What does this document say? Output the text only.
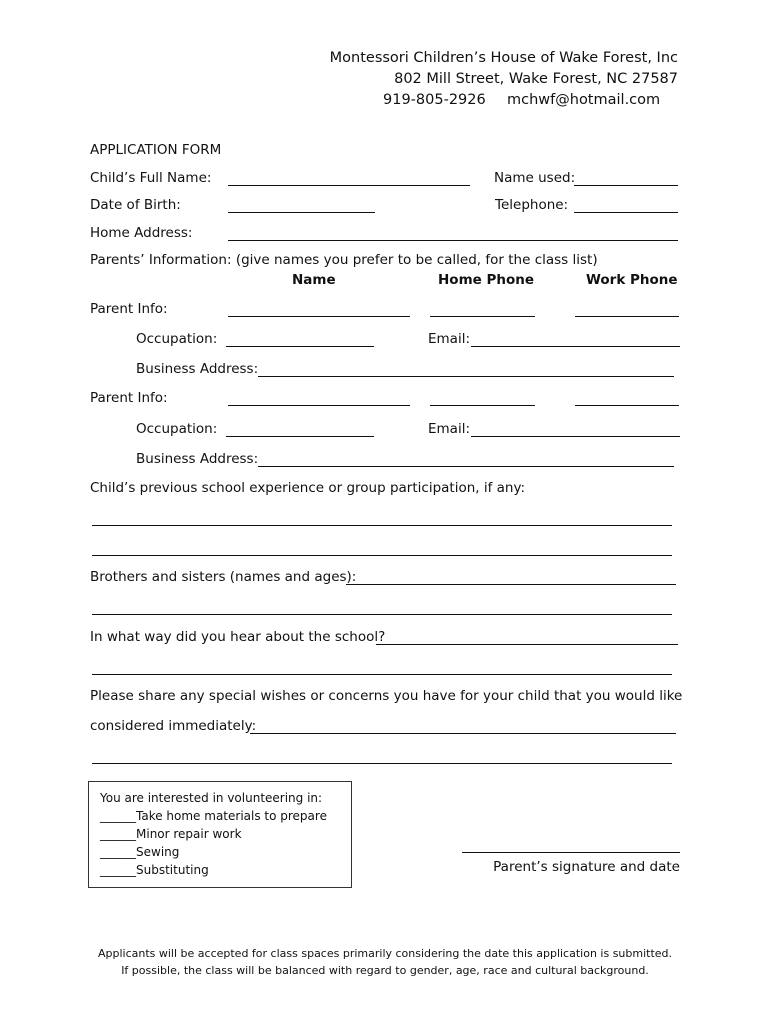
Montessori Children’s House of Wake Forest, Inc
802 Mill Street, Wake Forest, NC 27587
919-805-2926 mchwf@hotmail.com
APPLICATION FORM
Child’s Full Name:	Name used:
Date of Birth:	Telephone:
Home Address:
Parents’ Information: (give names you prefer to be called, for the class list)
Name	Home Phone	Work Phone
Parent Info:
Occupation:	Email:
Business Address:
Parent Info:
Occupation:	Email:
Business Address:
Child’s previous school experience or group participation, if any:
Brothers and sisters (names and ages):
In what way did you hear about the school?
Please share any special wishes or concerns you have for your child that you would like
considered immediately:
You are interested in volunteering in:
______Take home materials to prepare
______Minor repair work
______Sewing
______Substituting	Parent’s signature and date
Applicants will be accepted for class spaces primarily considering the date this application is submitted.
If possible, the class will be balanced with regard to gender, age, race and cultural background.
